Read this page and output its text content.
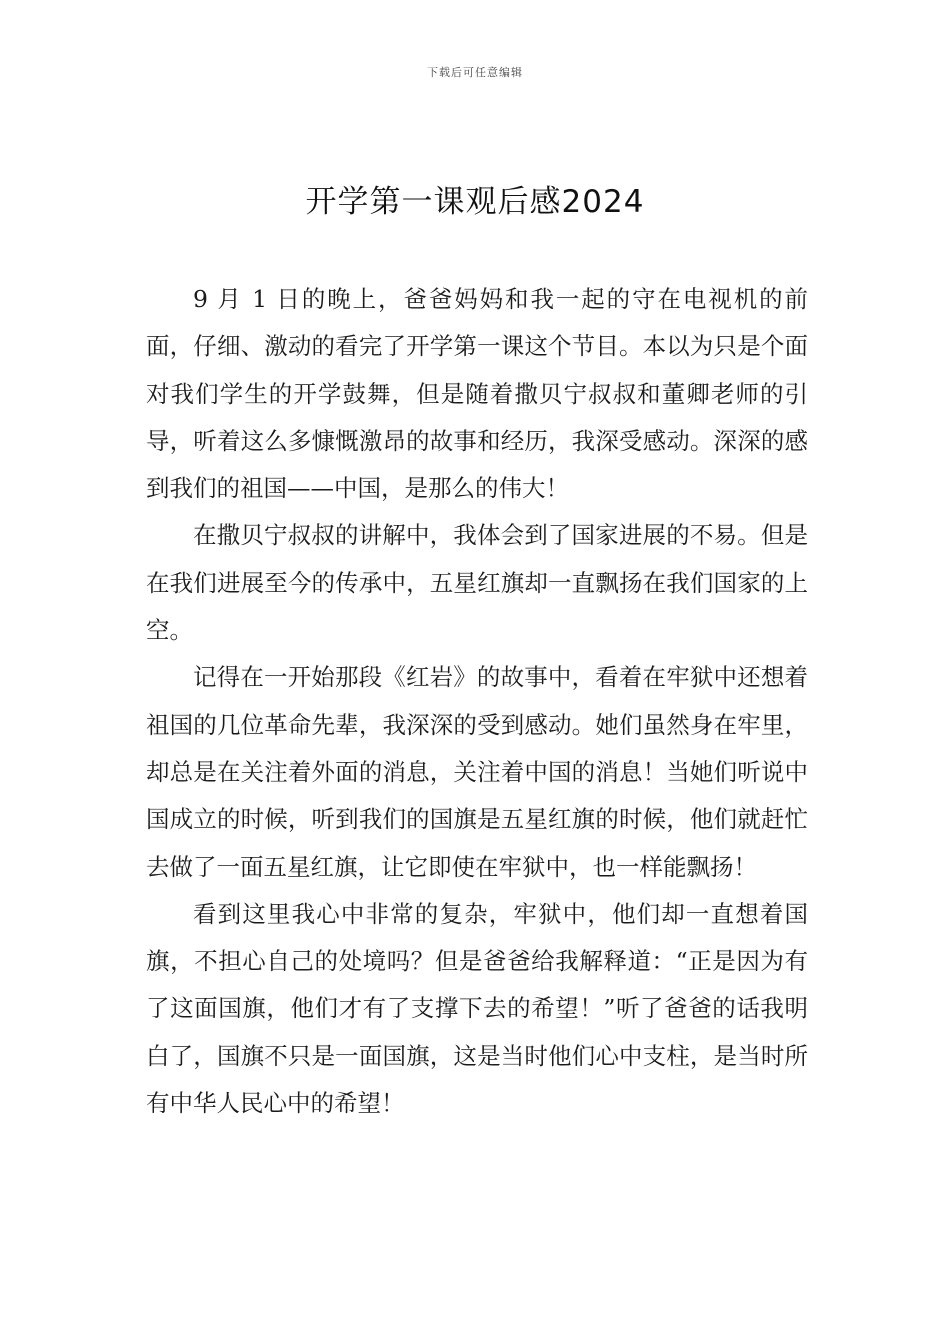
下载后可任意编辑
开学第一课观后感2024

9 月 1 日的晚上，爸爸妈妈和我一起的守在电视机的前面，仔细、激动的看完了开学第一课这个节目。本以为只是个面对我们学生的开学鼓舞，但是随着撒贝宁叔叔和董卿老师的引导，听着这么多慷慨激昂的故事和经历，我深受感动。深深的感到我们的祖国——中国，是那么的伟大！

在撒贝宁叔叔的讲解中，我体会到了国家进展的不易。但是在我们进展至今的传承中，五星红旗却一直飘扬在我们国家的上空。

记得在一开始那段《红岩》的故事中，看着在牢狱中还想着祖国的几位革命先辈，我深深的受到感动。她们虽然身在牢里，却总是在关注着外面的消息，关注着中国的消息！当她们听说中国成立的时候，听到我们的国旗是五星红旗的时候，他们就赶忙去做了一面五星红旗，让它即使在牢狱中，也一样能飘扬！

看到这里我心中非常的复杂，牢狱中，他们却一直想着国旗，不担心自己的处境吗？但是爸爸给我解释道：“正是因为有了这面国旗，他们才有了支撑下去的希望！”听了爸爸的话我明白了，国旗不只是一面国旗，这是当时他们心中支柱，是当时所有中华人民心中的希望！
